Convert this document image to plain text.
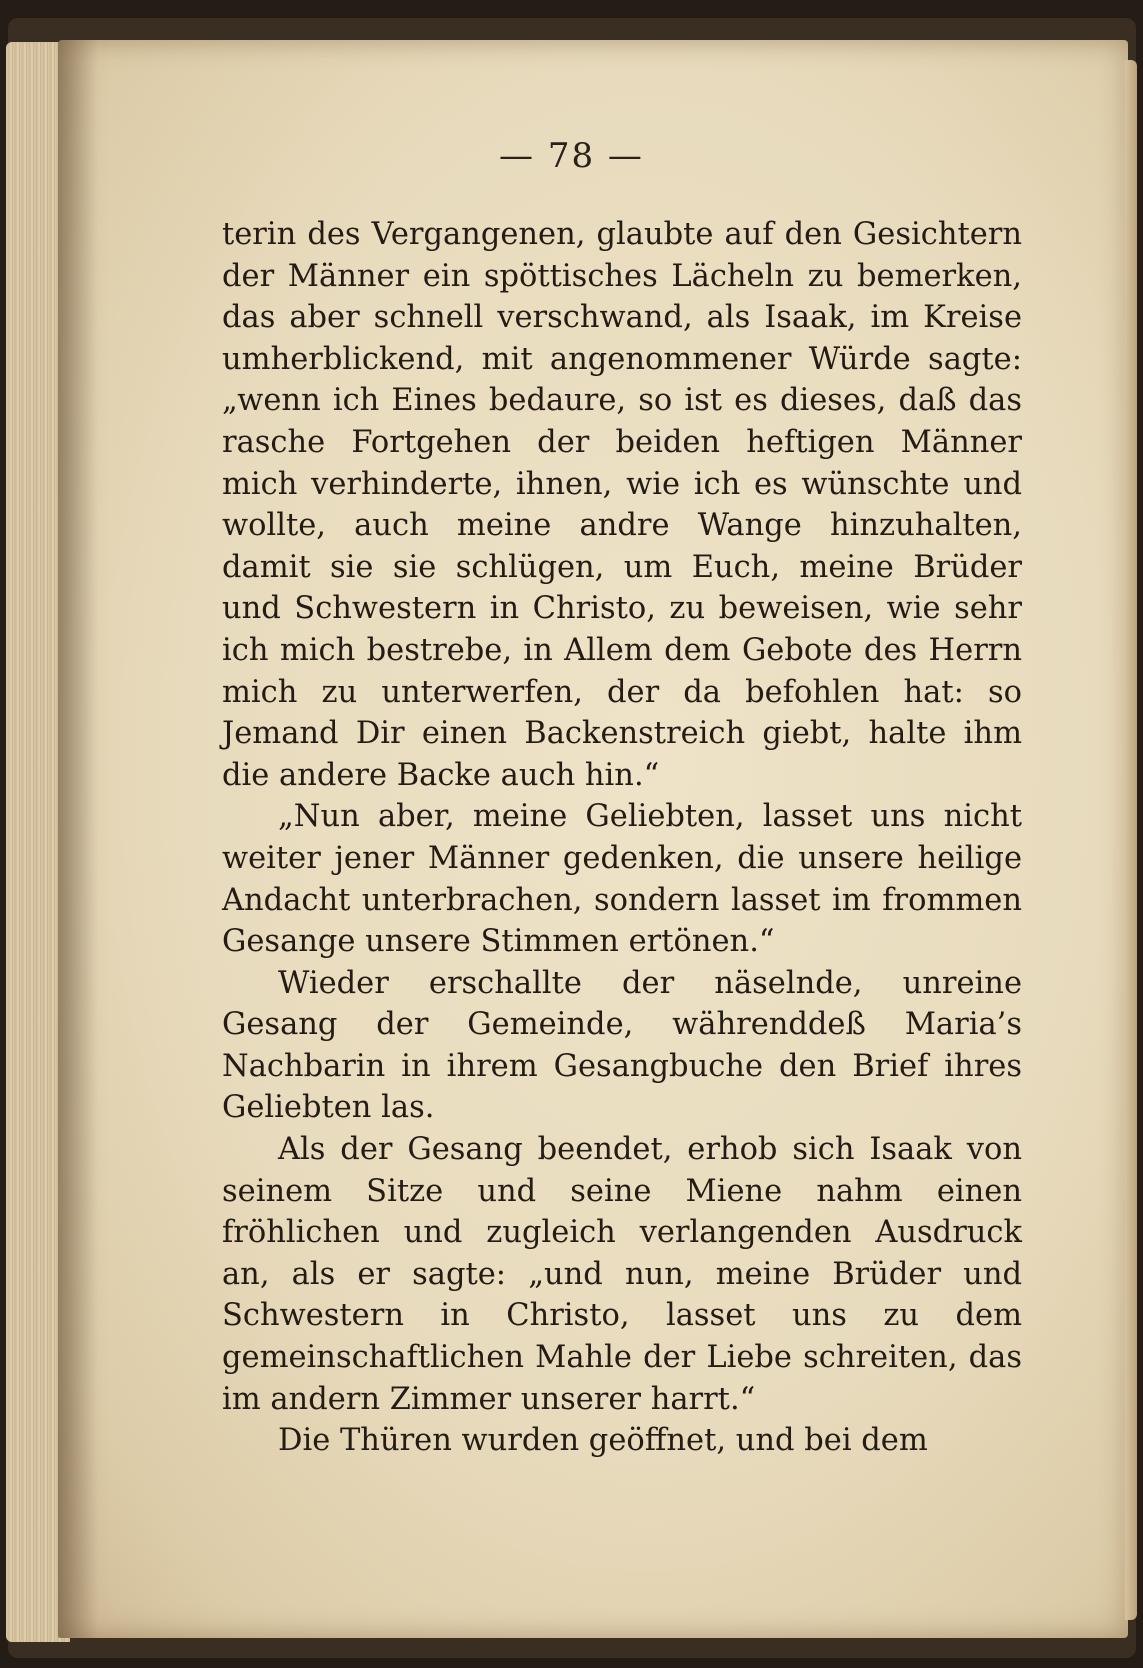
— 78 —

terin des Vergangenen, glaubte auf den Gesichtern der Männer ein spöttisches Lächeln zu bemerken, das aber schnell verschwand, als Isaak, im Kreise umherblickend, mit angenommener Würde sagte: „wenn ich Eines bedaure, so ist es dieses, daß das rasche Fortgehen der beiden heftigen Männer mich verhinderte, ihnen, wie ich es wünschte und wollte, auch meine andre Wange hinzuhalten, damit sie sie schlügen, um Euch, meine Brüder und Schwestern in Christo, zu beweisen, wie sehr ich mich bestrebe, in Allem dem Gebote des Herrn mich zu unterwerfen, der da befohlen hat: so Jemand Dir einen Backenstreich giebt, halte ihm die andere Backe auch hin.“

„Nun aber, meine Geliebten, lasset uns nicht weiter jener Männer gedenken, die unsere heilige Andacht unterbrachen, sondern lasset im frommen Gesange unsere Stimmen ertönen.“

Wieder erschallte der näselnde, unreine Gesang der Gemeinde, währenddeß Maria’s Nachbarin in ihrem Gesangbuche den Brief ihres Geliebten las.

Als der Gesang beendet, erhob sich Isaak von seinem Sitze und seine Miene nahm einen fröhlichen und zugleich verlangenden Ausdruck an, als er sagte: „und nun, meine Brüder und Schwestern in Christo, lasset uns zu dem gemeinschaftlichen Mahle der Liebe schreiten, das im andern Zimmer unserer harrt.“

Die Thüren wurden geöffnet, und bei dem
